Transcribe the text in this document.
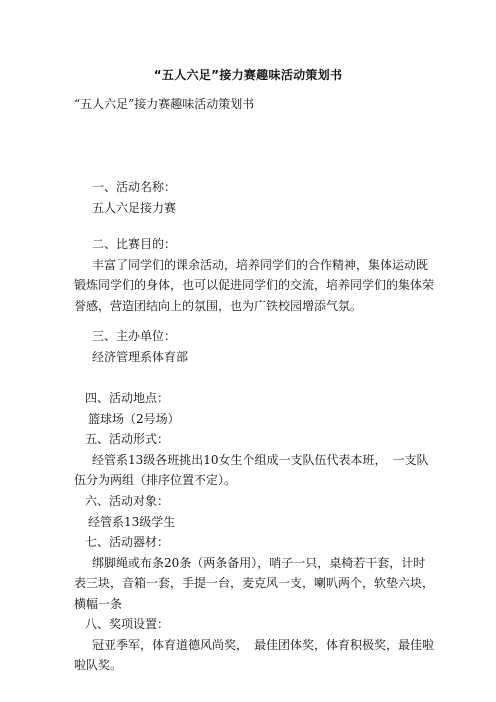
“五人六足”接力赛趣味活动策划书
“五人六足”接力赛趣味活动策划书
一、活动名称：
五人六足接力赛
二、比赛目的：
丰富了同学们的课余活动，培养同学们的合作精神，集体运动既锻炼同学们的身体，也可以促进同学们的交流，培养同学们的集体荣誉感，营造团结向上的氛围，也为广铁校园增添气氛。
三、主办单位：
经济管理系体育部
四、活动地点：
篮球场（2号场）
五、活动形式：
经管系13级各班挑出10女生个组成一支队伍代表本班，　一支队伍分为两组（排序位置不定）。
六、活动对象：
经管系13级学生
七、活动器材：
绑脚绳或布条20条（两条备用），哨子一只，桌椅若干套，计时表三块，音箱一套，手提一台，麦克风一支，喇叭两个，软垫六块，横幅一条
八、奖项设置：
冠亚季军，体育道德风尚奖，　最佳团体奖，体育积极奖，最佳啦啦队奖。
